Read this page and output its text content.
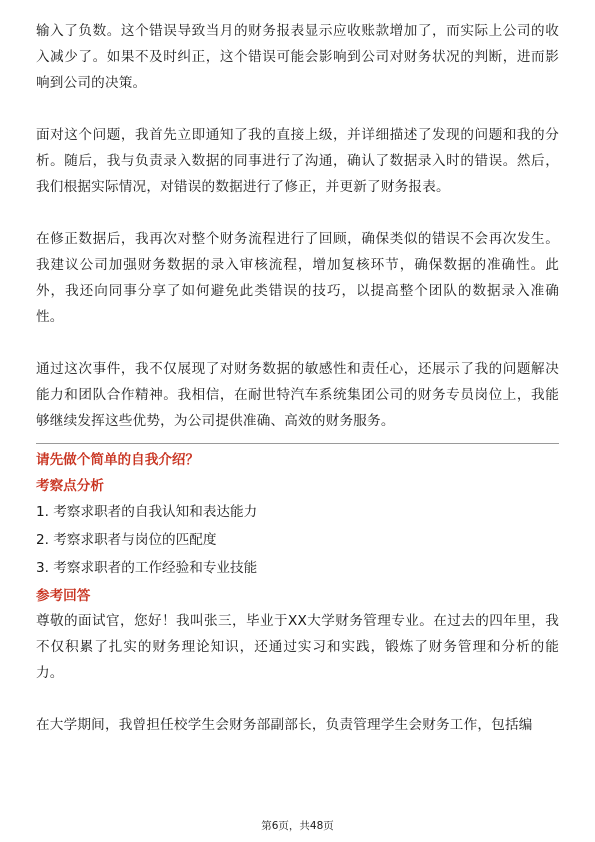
输入了负数。这个错误导致当月的财务报表显示应收账款增加了，而实际上公司的收入减少了。如果不及时纠正，这个错误可能会影响到公司对财务状况的判断，进而影响到公司的决策。

面对这个问题，我首先立即通知了我的直接上级，并详细描述了发现的问题和我的分析。随后，我与负责录入数据的同事进行了沟通，确认了数据录入时的错误。然后，我们根据实际情况，对错误的数据进行了修正，并更新了财务报表。

在修正数据后，我再次对整个财务流程进行了回顾，确保类似的错误不会再次发生。我建议公司加强财务数据的录入审核流程，增加复核环节，确保数据的准确性。此外，我还向同事分享了如何避免此类错误的技巧，以提高整个团队的数据录入准确性。

通过这次事件，我不仅展现了对财务数据的敏感性和责任心，还展示了我的问题解决能力和团队合作精神。我相信，在耐世特汽车系统集团公司的财务专员岗位上，我能够继续发挥这些优势，为公司提供准确、高效的财务服务。

请先做个简单的自我介绍？

考察点分析

1. 考察求职者的自我认知和表达能力
2. 考察求职者与岗位的匹配度
3. 考察求职者的工作经验和专业技能

参考回答

尊敬的面试官，您好！我叫张三，毕业于XX大学财务管理专业。在过去的四年里，我不仅积累了扎实的财务理论知识，还通过实习和实践，锻炼了财务管理和分析的能力。

在大学期间，我曾担任校学生会财务部副部长，负责管理学生会财务工作，包括编

第6页，共48页
